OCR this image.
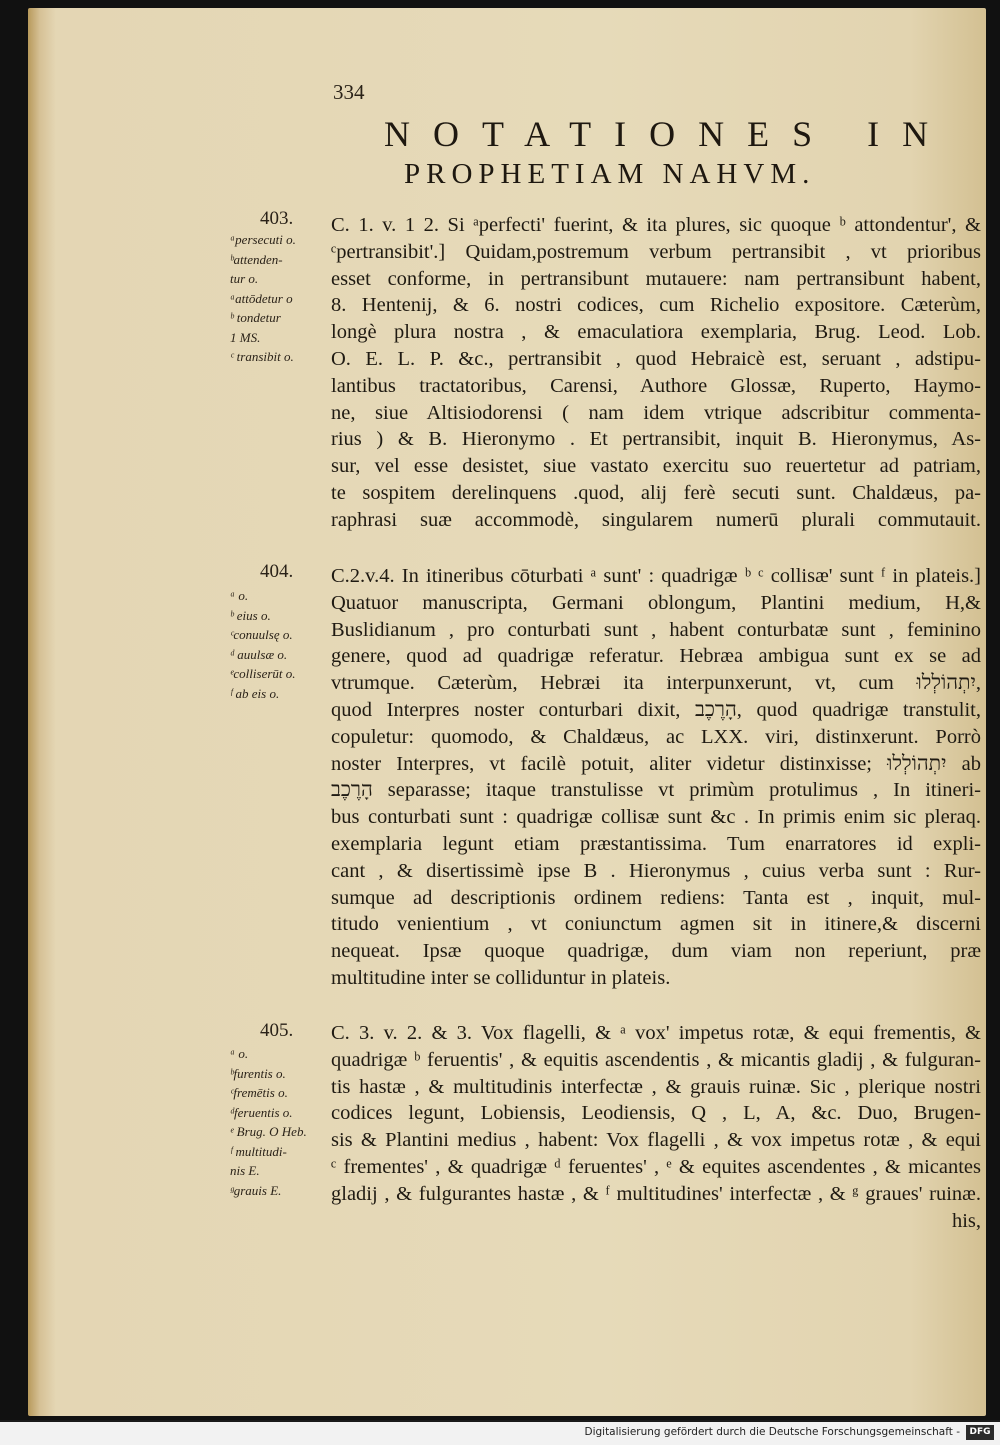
334
NOTATIONES IN
PROPHETIAM NAHVM.
403.
ᵃpersecuti o.
ᵇattenden-
tur o.
ᵃattōdetur o
ᵇ tondetur
1 MS.
ᶜ transibit o.
C. 1. v. 1 2. Si ᵃperfecti' fuerint, & ita plures, sic quoque ᵇ attondentur', &
ᶜpertransibit'.] Quidam,postremum verbum pertransibit , vt prioribus
esset conforme, in pertransibunt mutauere: nam pertransibunt habent,
8. Hentenij, & 6. nostri codices, cum Richelio expositore. Cæterùm,
longè plura nostra , & emaculatiora exemplaria, Brug. Leod. Lob.
O. E. L. P. &c., pertransibit , quod Hebraicè est, seruant , adstipu-
lantibus tractatoribus, Carensi, Authore Glossæ, Ruperto, Haymo-
ne, siue Altisiodorensi ( nam idem vtrique adscribitur commenta-
rius ) & B. Hieronymo . Et pertransibit, inquit B. Hieronymus, As-
sur, vel esse desistet, siue vastato exercitu suo reuertetur ad patriam,
te sospitem derelinquens .quod, alij ferè secuti sunt. Chaldæus, pa-
raphrasi suæ accommodè, singularem numerū plurali commutauit.
404.
ᵃ o.
ᵇ eius o.
ᶜconuulsę o.
ᵈ auulsæ o.
ᵉcolliserūt o.
ᶠ ab eis o.
C.2.v.4. In itineribus cōturbati ᵃ sunt' : quadrigæ ᵇ ᶜ collisæ' sunt ᶠ in plateis.]
Quatuor manuscripta, Germani oblongum, Plantini medium, H,&
Buslidianum , pro conturbati sunt , habent conturbatæ sunt , feminino
genere, quod ad quadrigæ referatur. Hebræa ambigua sunt ex se ad
vtrumque. Cæterùm, Hebræi ita interpunxerunt, vt, cum יִתְהוֹלְלוּ,
quod Interpres noster conturbari dixit, הָרֶכֶב, quod quadrigæ transtulit,
copuletur: quomodo, & Chaldæus, ac LXX. viri, distinxerunt. Porrò
noster Interpres, vt facilè potuit, aliter videtur distinxisse; יִתְהוֹלְלוּ ab
הָרֶכֶב separasse; itaque transtulisse vt primùm protulimus , In itineri-
bus conturbati sunt : quadrigæ collisæ sunt &c . In primis enim sic pleraq.
exemplaria legunt etiam præstantissima. Tum enarratores id expli-
cant , & disertissimè ipse B . Hieronymus , cuius verba sunt : Rur-
sumque ad descriptionis ordinem rediens: Tanta est , inquit, mul-
titudo venientium , vt coniunctum agmen sit in itinere,& discerni
nequeat. Ipsæ quoque quadrigæ, dum viam non reperiunt, præ
multitudine inter se colliduntur in plateis.
405.
ᵃ o.
ᵇfurentis o.
ᶜfremētis o.
ᵈferuentis o.
ᵉ Brug. O Heb.
ᶠ multitudi-
nis E.
ᵍgrauis E.
C. 3. v. 2. & 3. Vox flagelli, & ᵃ vox' impetus rotæ, & equi frementis, &
quadrigæ ᵇ feruentis' , & equitis ascendentis , & micantis gladij , & fulguran-
tis hastæ , & multitudinis interfectæ , & grauis ruinæ. Sic , plerique nostri
codices legunt, Lobiensis, Leodiensis, Q , L, A, &c. Duo, Brugen-
sis & Plantini medius , habent: Vox flagelli , & vox impetus rotæ , & equi
ᶜ frementes' , & quadrigæ ᵈ feruentes' , ᵉ & equites ascendentes , & micantes
gladij , & fulgurantes hastæ , & ᶠ multitudines' interfectæ , & ᵍ graues' ruinæ.
his,
Digitalisierung gefördert durch die Deutsche Forschungsgemeinschaft -	DFG
